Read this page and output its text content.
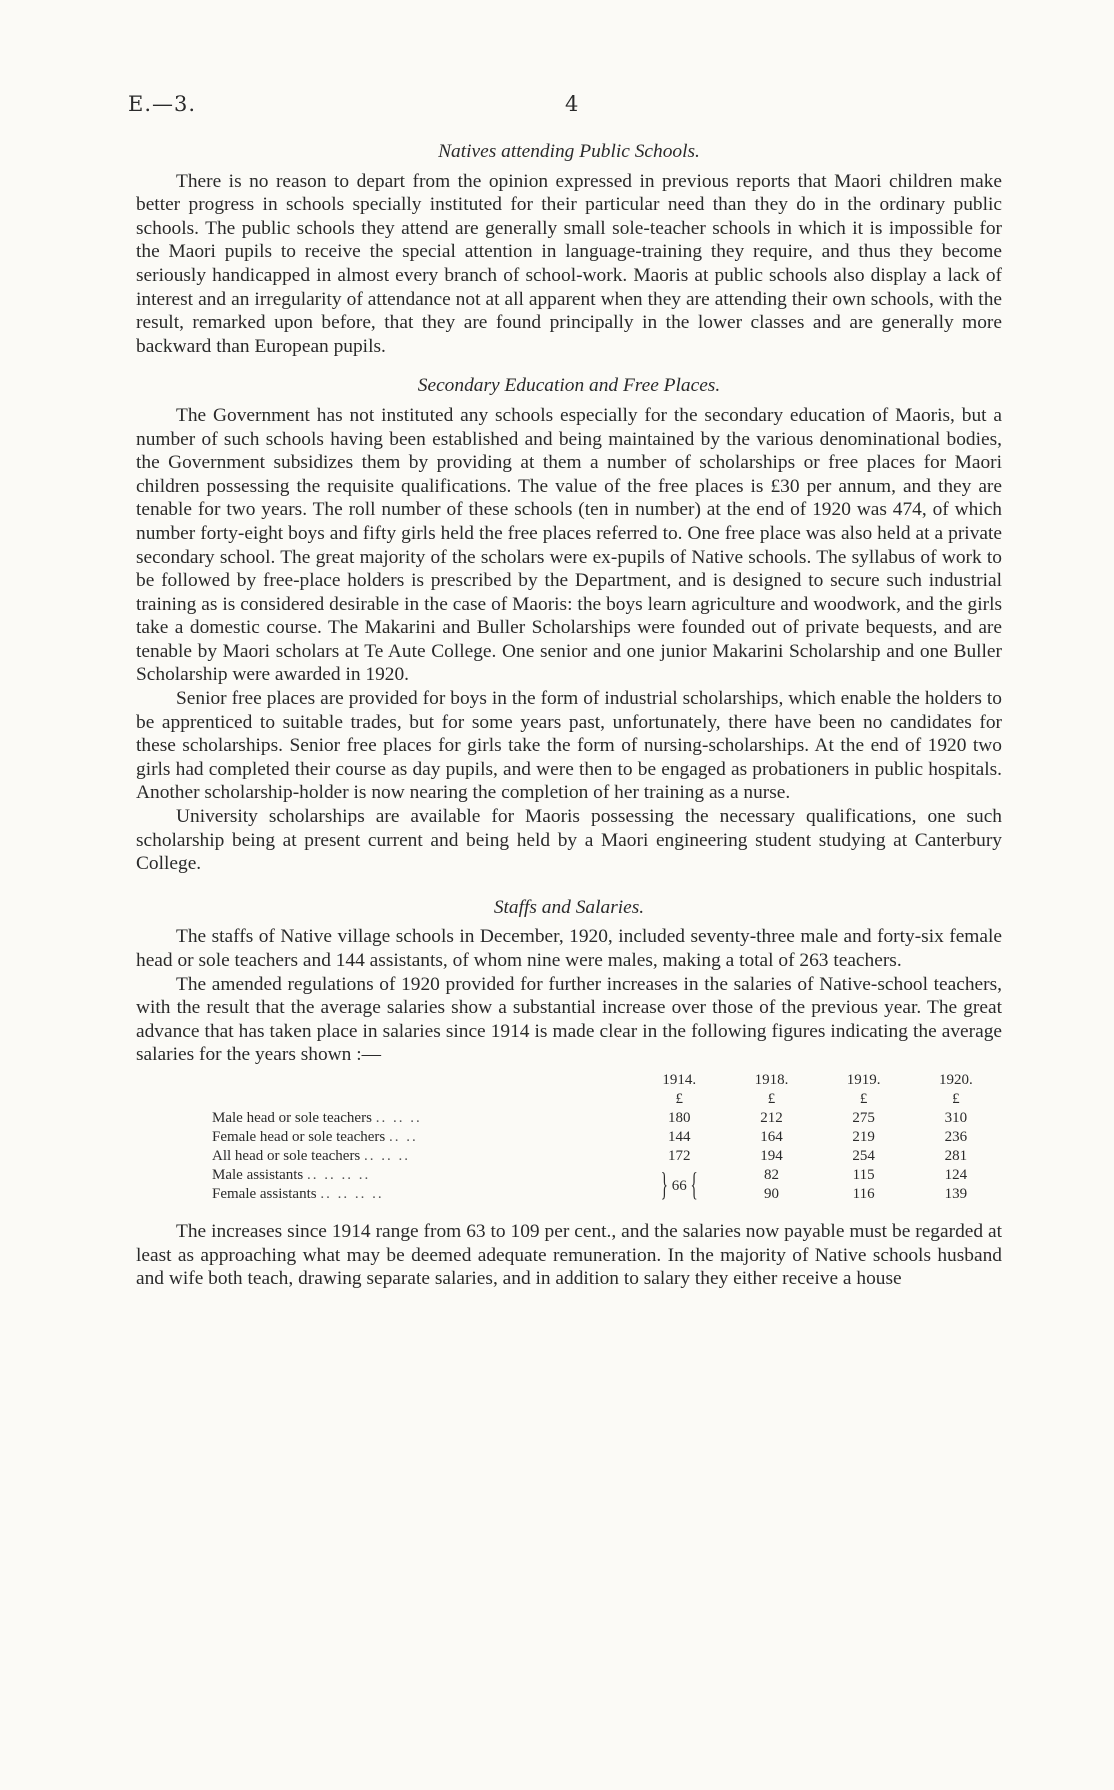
E.—3.	4
Natives attending Public Schools.

There is no reason to depart from the opinion expressed in previous reports that Maori children make better progress in schools specially instituted for their particular need than they do in the ordinary public schools. The public schools they attend are generally small sole-teacher schools in which it is impossible for the Maori pupils to receive the special attention in language-training they require, and thus they become seriously handicapped in almost every branch of school-work. Maoris at public schools also display a lack of interest and an irregularity of attendance not at all apparent when they are attending their own schools, with the result, remarked upon before, that they are found principally in the lower classes and are generally more backward than European pupils.

Secondary Education and Free Places.

The Government has not instituted any schools especially for the secondary education of Maoris, but a number of such schools having been established and being maintained by the various denominational bodies, the Government subsidizes them by providing at them a number of scholarships or free places for Maori children possessing the requisite qualifications. The value of the free places is £30 per annum, and they are tenable for two years. The roll number of these schools (ten in number) at the end of 1920 was 474, of which number forty-eight boys and fifty girls held the free places referred to. One free place was also held at a private secondary school. The great majority of the scholars were ex-pupils of Native schools. The syllabus of work to be followed by free-place holders is prescribed by the Department, and is designed to secure such industrial training as is considered desirable in the case of Maoris: the boys learn agriculture and woodwork, and the girls take a domestic course. The Makarini and Buller Scholarships were founded out of private bequests, and are tenable by Maori scholars at Te Aute College. One senior and one junior Makarini Scholarship and one Buller Scholarship were awarded in 1920.

Senior free places are provided for boys in the form of industrial scholarships, which enable the holders to be apprenticed to suitable trades, but for some years past, unfortunately, there have been no candidates for these scholarships. Senior free places for girls take the form of nursing-scholarships. At the end of 1920 two girls had completed their course as day pupils, and were then to be engaged as probationers in public hospitals. Another scholarship-holder is now nearing the completion of her training as a nurse.

University scholarships are available for Maoris possessing the necessary qualifications, one such scholarship being at present current and being held by a Maori engineering student studying at Canterbury College.

Staffs and Salaries.

The staffs of Native village schools in December, 1920, included seventy-three male and forty-six female head or sole teachers and 144 assistants, of whom nine were males, making a total of 263 teachers.

The amended regulations of 1920 provided for further increases in the salaries of Native-school teachers, with the result that the average salaries show a substantial increase over those of the previous year. The great advance that has taken place in salaries since 1914 is made clear in the following figures indicating the average salaries for the years shown :—

	1914.	1918.	1919.	1920.
	£	£	£	£
Male head or sole teachers .. .. ..	180	212	275	310
Female head or sole teachers .. ..	144	164	219	236
All head or sole teachers .. .. ..	172	194	254	281
Male assistants .. .. .. ..	} 66 {	82	115	124
Female assistants .. .. .. ..		90	116	139

The increases since 1914 range from 63 to 109 per cent., and the salaries now payable must be regarded at least as approaching what may be deemed adequate remuneration. In the majority of Native schools husband and wife both teach, drawing separate salaries, and in addition to salary they either receive a house
